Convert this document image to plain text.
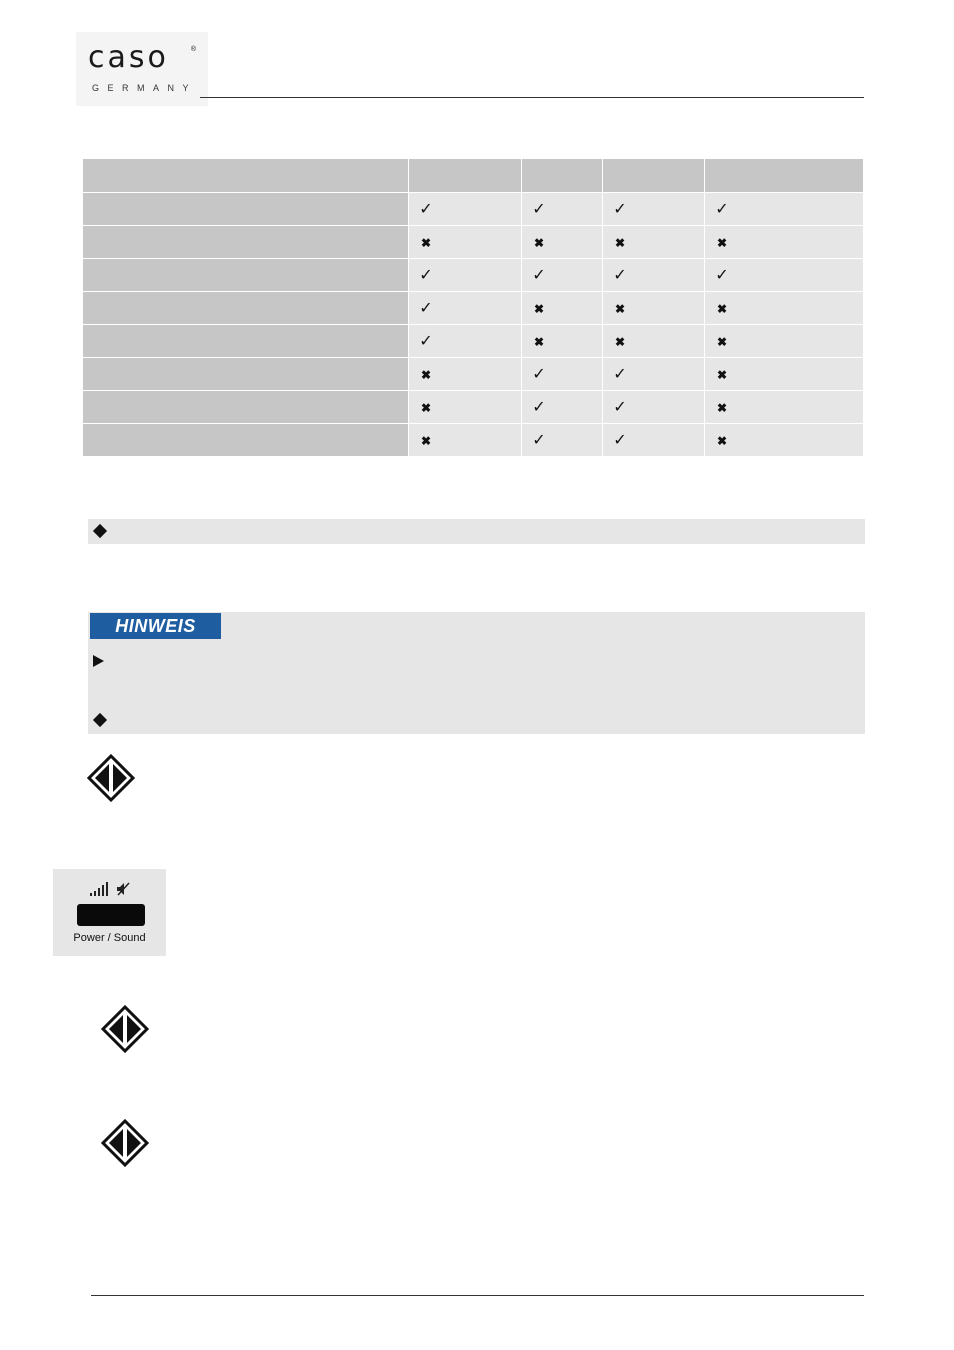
caso	®
GERMANY

	✓	✓	✓	✓
	✖	✖	✖	✖
	✓	✓	✓	✓
	✓	✖	✖	✖
	✓	✖	✖	✖
	✖	✓	✓	✖
	✖	✓	✓	✖
	✖	✓	✓	✖
HINWEIS
Power / Sound
